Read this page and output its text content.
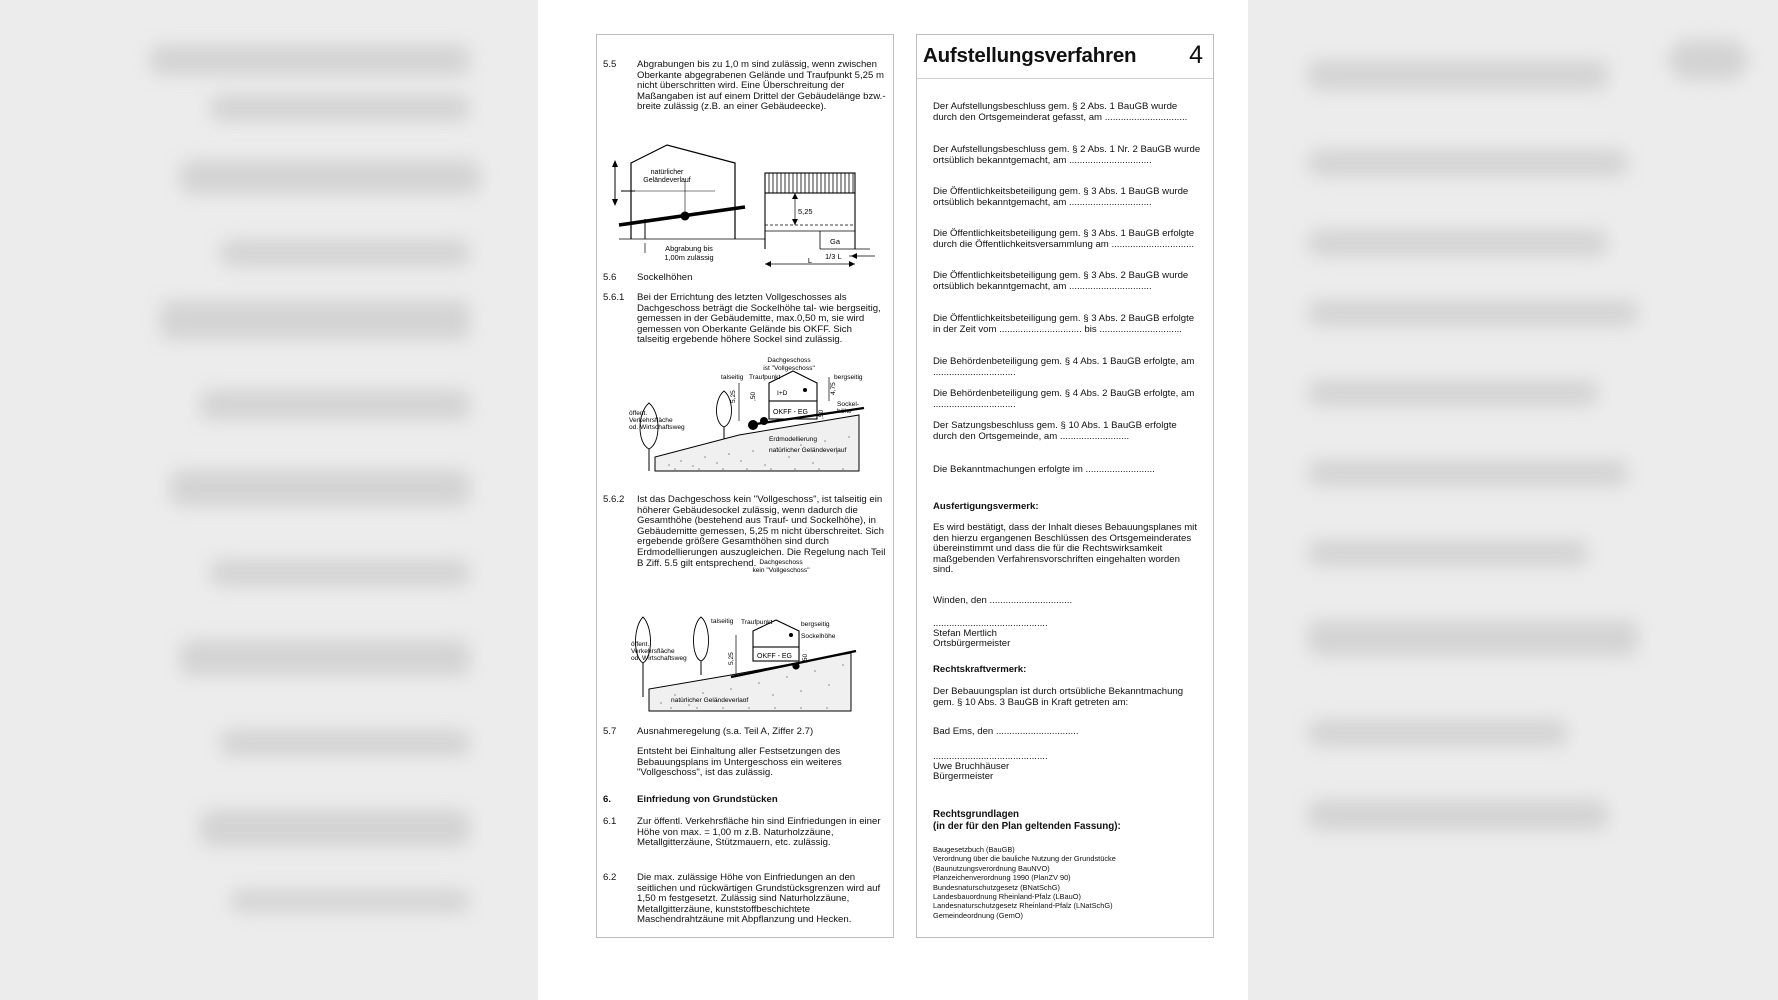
5.5	Abgrabungen bis zu 1,0 m sind zulässig, wenn zwischen Oberkante abgegrabenen Gelände und Traufpunkt 5,25 m nicht überschritten wird. Eine Überschreitung der Maßangaben ist auf einem Drittel der Gebäudelänge bzw.- breite zulässig (z.B. an einer Gebäudeecke).
natürlicher
Geländeverlauf
5,25
Ga
1/3 L
L
Abgrabung bis
1,00m zulässig
5.6	Sockelhöhen
5.6.1	Bei der Errichtung des letzten Vollgeschosses als Dachgeschoss beträgt die Sockelhöhe tal- wie bergseitig, gemessen in der Gebäudemitte, max.0,50 m, sie wird gemessen von Oberkante Gelände bis OKFF. Sich talseitig ergebende höhere Sockel sind zulässig.
Dachgeschoss
ist "Vollgeschoss"
talseitig Traufpunkt	bergseitig
öffent.
Verkehrsfläche
od. Wirtschaftsweg
I+D
OKFF - EG
5,25 ,50
4,75
Sockel-
höhe
,50
Erdmodellierung
natürlicher Geländeverlauf
5.6.2	Ist das Dachgeschoss kein "Vollgeschoss", ist talseitig ein höherer Gebäudesockel zulässig, wenn dadurch die Gesamthöhe (bestehend aus Trauf- und Sockelhöhe), in Gebäudemitte gemessen, 5,25 m nicht überschreitet. Sich ergebende größere Gesamthöhen sind durch Erdmodellierungen auszugleichen. Die Regelung nach Teil B Ziff. 5.5 gilt entsprechend. Dachgeschoss
kein "Vollgeschoss"
talseitig Traufpunkt	bergseitig
öffent.
Verkehrsfläche
od. Wirtschaftsweg	OKFF - EG
5,25
Sockelhöhe
,50
natürlicher Geländeverlauf
5.7	Ausnahmeregelung (s.a. Teil A, Ziffer 2.7)
Entsteht bei Einhaltung aller Festsetzungen des Bebauungsplans im Untergeschoss ein weiteres "Vollgeschoss", ist das zulässig.
6.	Einfriedung von Grundstücken
6.1	Zur öffentl. Verkehrsfläche hin sind Einfriedungen in einer Höhe von max. = 1,00 m z.B. Naturholzzäune, Metallgitterzäune, Stützmauern, etc. zulässig.
6.2	Die max. zulässige Höhe von Einfriedungen an den seitlichen und rückwärtigen Grundstücksgrenzen wird auf 1,50 m festgesetzt. Zulässig sind Naturholzzäune, Metallgitterzäune, kunststoffbeschichtete Maschendrahtzäune mit Abpflanzung und Hecken.
Aufstellungsverfahren 4
Der Aufstellungsbeschluss gem. § 2 Abs. 1 BauGB wurde durch den Ortsgemeinderat gefasst, am ...............................
Der Aufstellungsbeschluss gem. § 2 Abs. 1 Nr. 2 BauGB wurde ortsüblich bekanntgemacht, am ...............................
Die Öffentlichkeitsbeteiligung gem. § 3 Abs. 1 BauGB wurde ortsüblich bekanntgemacht, am ...............................
Die Öffentlichkeitsbeteiligung gem. § 3 Abs. 1 BauGB erfolgte durch die Öffentlichkeitsversammlung am ...............................
Die Öffentlichkeitsbeteiligung gem. § 3 Abs. 2 BauGB wurde ortsüblich bekanntgemacht, am ...............................
Die Öffentlichkeitsbeteiligung gem. § 3 Abs. 2 BauGB erfolgte in der Zeit vom ............................... bis ...............................
Die Behördenbeteiligung gem. § 4 Abs. 1 BauGB erfolgte, am ...............................
Die Behördenbeteiligung gem. § 4 Abs. 2 BauGB erfolgte, am ...............................
Der Satzungsbeschluss gem. § 10 Abs. 1 BauGB erfolgte durch den Ortsgemeinde, am ..........................
Die Bekanntmachungen erfolgte im ..........................
Ausfertigungsvermerk:
Es wird bestätigt, dass der Inhalt dieses Bebauungsplanes mit den hierzu ergangenen Beschlüssen des Ortsgemeinderates übereinstimmt und dass die für die Rechtswirksamkeit maßgebenden Verfahrensvorschriften eingehalten worden sind.
Winden, den ...............................
...........................................
Stefan Mertlich
Ortsbürgermeister
Rechtskraftvermerk:
Der Bebauungsplan ist durch ortsübliche Bekanntmachung gem. § 10 Abs. 3 BauGB in Kraft getreten am:
Bad Ems, den ...............................
...........................................
Uwe Bruchhäuser
Bürgermeister
Rechtsgrundlagen
(in der für den Plan geltenden Fassung):
Baugesetzbuch (BauGB)
Verordnung über die bauliche Nutzung der Grundstücke
(Baunutzungsverordnung BauNVO)
Planzeichenverordnung 1990 (PlanZV 90)
Bundesnaturschutzgesetz (BNatSchG)
Landesbauordnung Rheinland-Pfalz (LBauO)
Landesnaturschutzgesetz Rheinland-Pfalz (LNatSchG)
Gemeindeordnung (GemO)
